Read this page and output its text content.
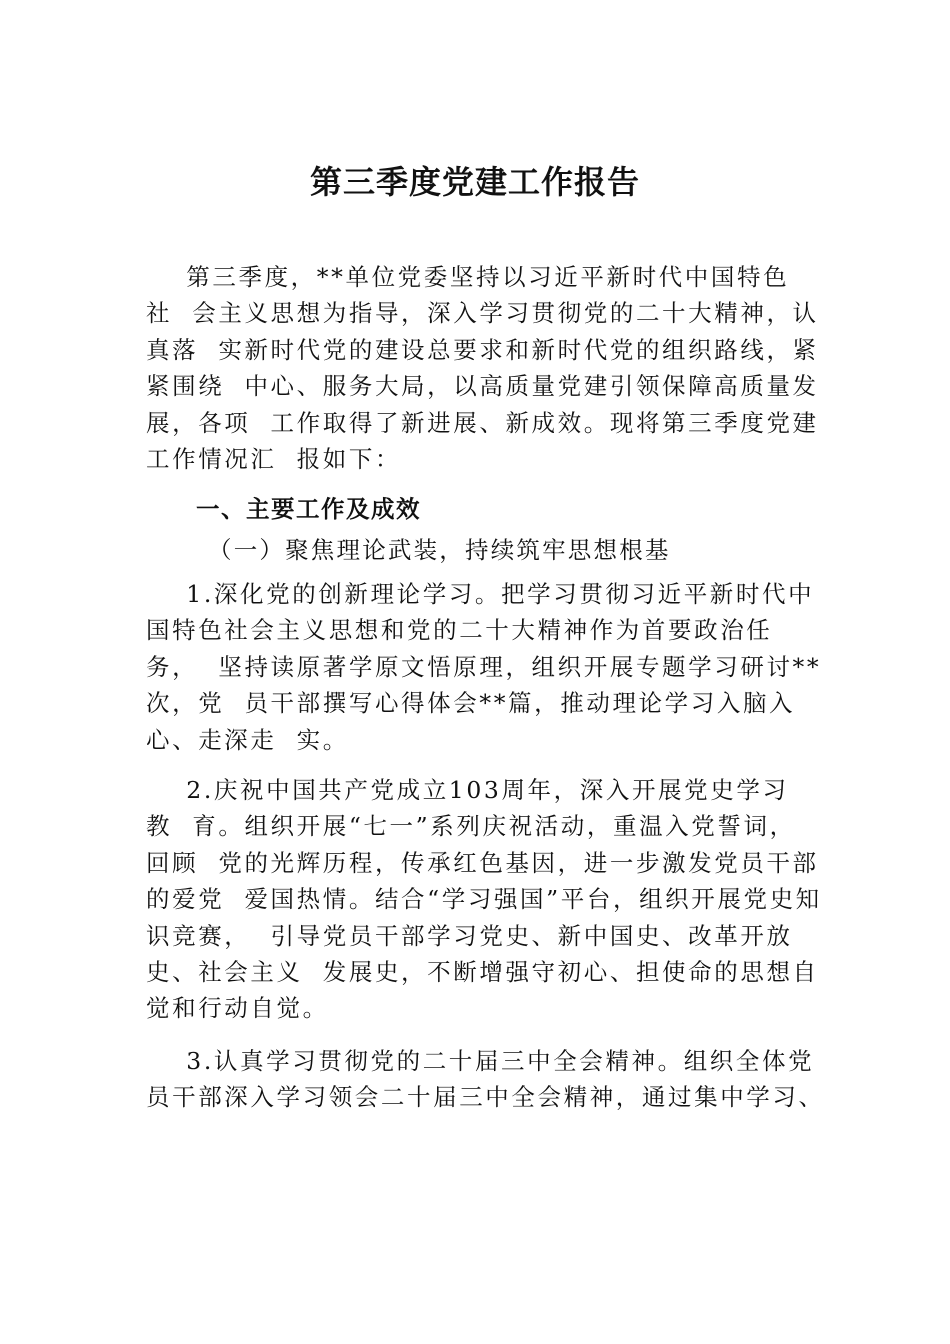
第三季度党建工作报告
第三季度，**单位党委坚持以习近平新时代中国特色
社  会主义思想为指导，深入学习贯彻党的二十大精神，认
真落  实新时代党的建设总要求和新时代党的组织路线，紧
紧围绕  中心、服务大局，以高质量党建引领保障高质量发
展，各项  工作取得了新进展、新成效。现将第三季度党建
工作情况汇  报如下：
一、主要工作及成效
（一）聚焦理论武装，持续筑牢思想根基
1.深化党的创新理论学习。把学习贯彻习近平新时代中
国特色社会主义思想和党的二十大精神作为首要政治任
务，  坚持读原著学原文悟原理，组织开展专题学习研讨**
次，党  员干部撰写心得体会**篇，推动理论学习入脑入
心、走深走  实。
2.庆祝中国共产党成立103周年，深入开展党史学习
教  育。组织开展“七一”系列庆祝活动，重温入党誓词，
回顾  党的光辉历程，传承红色基因，进一步激发党员干部
的爱党  爱国热情。结合“学习强国”平台，组织开展党史知
识竞赛，  引导党员干部学习党史、新中国史、改革开放
史、社会主义  发展史，不断增强守初心、担使命的思想自
觉和行动自觉。
3.认真学习贯彻党的二十届三中全会精神。组织全体党
员干部深入学习领会二十届三中全会精神，通过集中学习、
